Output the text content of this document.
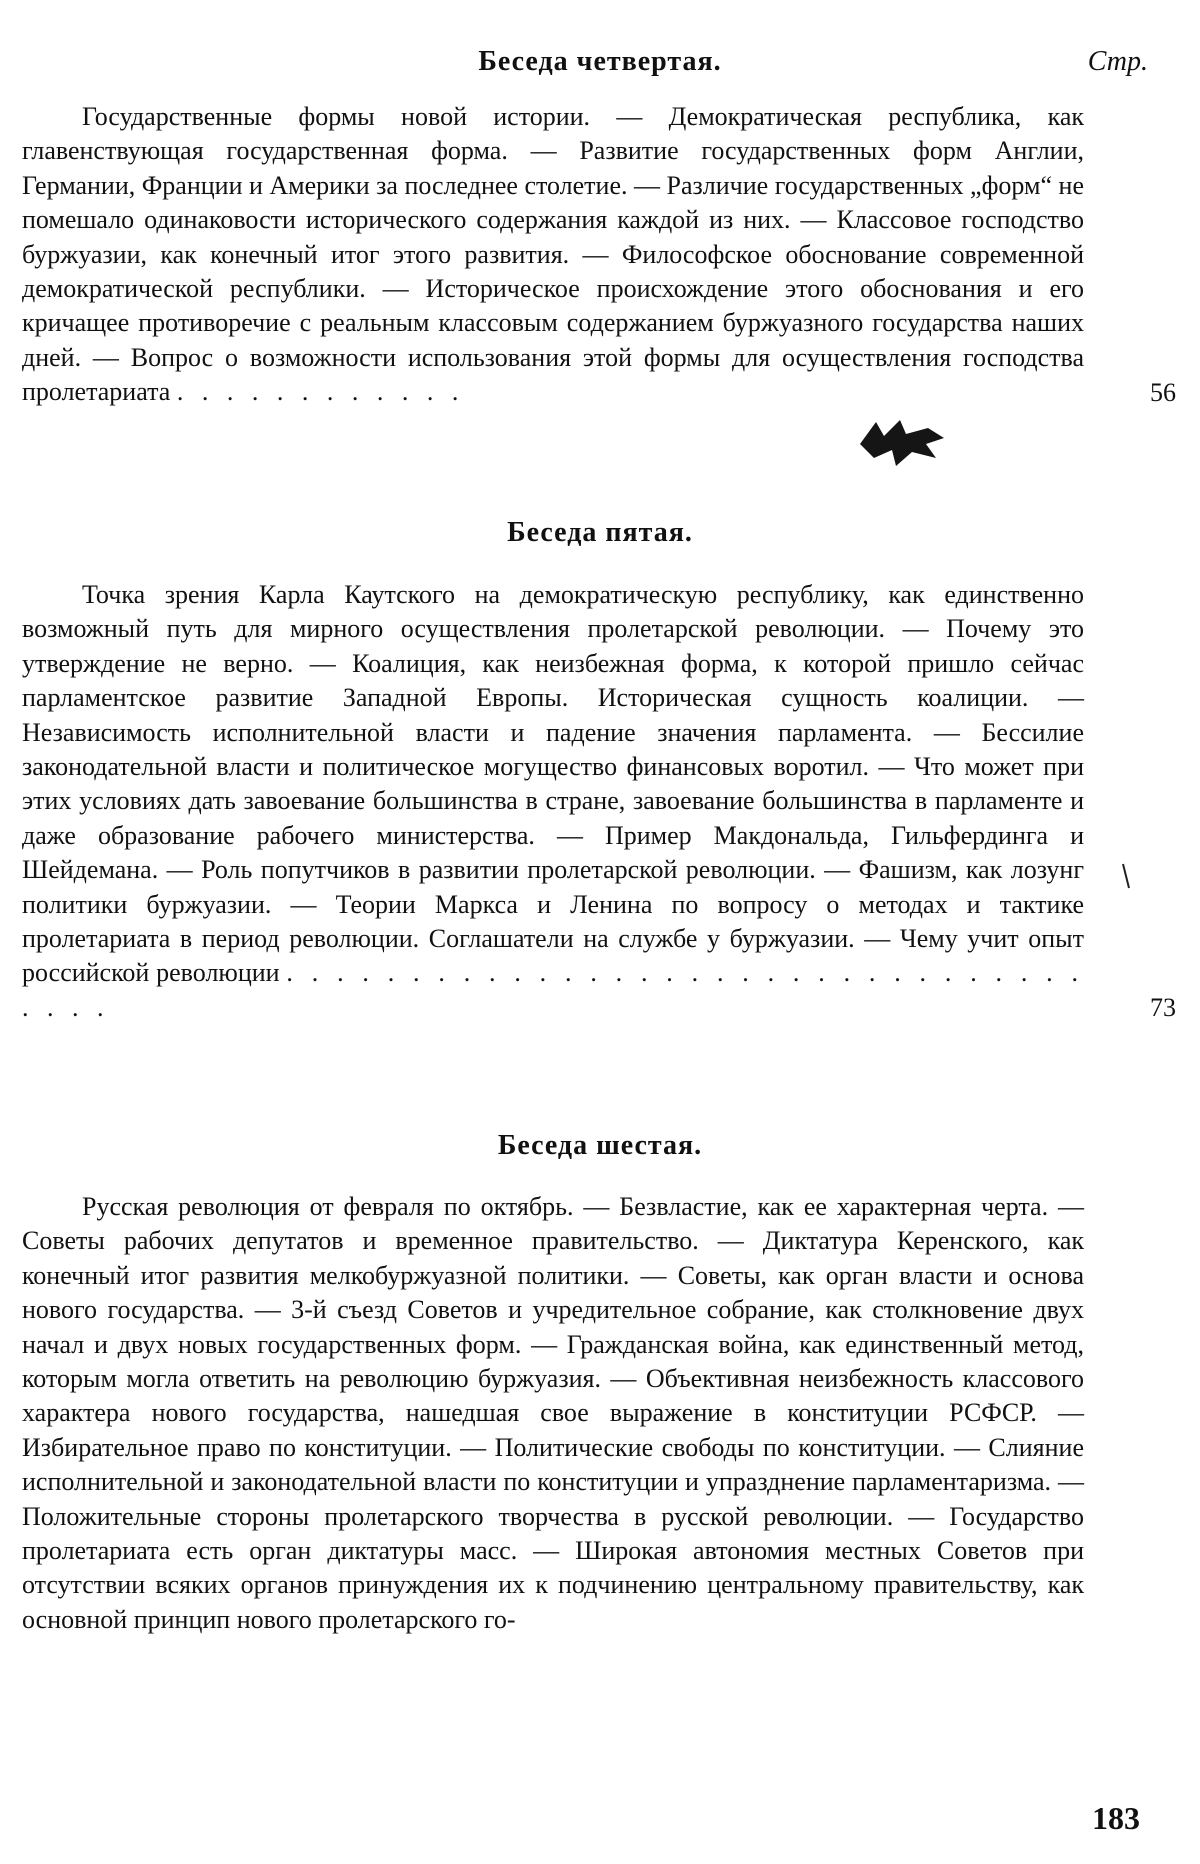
Беседа четвертая.	Стр.

Государственные формы новой истории. — Демократическая республика, как главенствующая государственная форма. — Развитие государственных форм Англии, Германии, Франции и Америки за последнее столетие. — Различие государственных „форм“ не помешало одинаковости исторического содержания каждой из них. — Классовое господство буржуазии, как конечный итог этого развития. — Философское обоснование современной демократической республики. — Историческое происхождение этого обоснования и его кричащее противоречие с реальным классовым содержанием буржуазного государства наших дней. — Вопрос о возможности использования этой формы для осуществления господства пролетариата . . . . . . . . . . . .	56
Беседа пятая.

Точка зрения Карла Каутского на демократическую республику, как единственно возможный путь для мирного осуществления пролетарской революции. — Почему это утверждение не верно. — Коалиция, как неизбежная форма, к которой пришло сейчас парламентское развитие Западной Европы. Историческая сущность коалиции. — Независимость исполнительной власти и падение значения парламента. — Бессилие законодательной власти и политическое могущество финансовых воротил. — Что может при этих условиях дать завоевание большинства в стране, завоевание большинства в парламенте и даже образование рабочего министерства. — Пример Макдональда, Гильфердинга и Шейдемана. — Роль попутчиков в развитии пролетарской революции. — Фашизм, как лозунг политики буржуазии. — Теории Маркса и Ленина по вопросу о методах и тактике пролетариата в период революции. Соглашатели на службе у буржуазии. — Чему учит опыт российской революции . . . . . . . . . . . . . . . . . . . . . . . . . . . . . . . . . . . .	73
Беседа шестая.

Русская революция от февраля по октябрь. — Безвластие, как ее характерная черта. — Советы рабочих депутатов и временное правительство. — Диктатура Керенского, как конечный итог развития мелкобуржуазной политики. — Советы, как орган власти и основа нового государства. — 3-й съезд Советов и учредительное собрание, как столкновение двух начал и двух новых государственных форм. — Гражданская война, как единственный метод, которым могла ответить на революцию буржуазия. — Объективная неизбежность классового характера нового государства, нашедшая свое выражение в конституции РСФСР. — Избирательное право по конституции. — Политические свободы по конституции. — Слияние исполнительной и законодательной власти по конституции и упразднение парламентаризма. — Положительные стороны пролетарского творчества в русской революции. — Государство пролетариата есть орган диктатуры масс. — Широкая автономия местных Советов при отсутствии всяких органов принуждения их к подчинению центральному правительству, как основной принцип нового пролетарского го-

183
